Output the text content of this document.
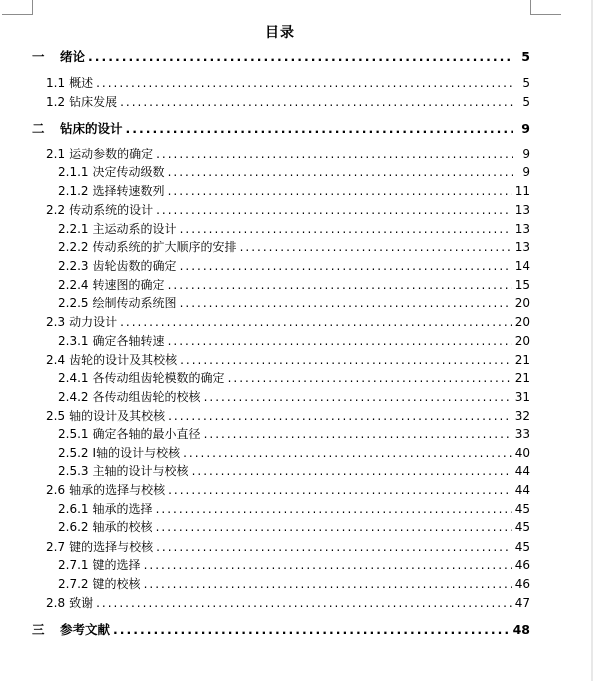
目录
一	绪论 .....	5
1.1 概述 .....	5
1.2 钻床发展 .....	5
二	钻床的设计 .....	9
2.1 运动参数的确定 .....	9
2.1.1 决定传动级数 .....	9
2.1.2 选择转速数列 .....	11
2.2 传动系统的设计 .....	13
2.2.1 主运动系的设计 .....	13
2.2.2 传动系统的扩大顺序的安排 .....	13
2.2.3 齿轮齿数的确定 .....	14
2.2.4 转速图的确定 .....	15
2.2.5 绘制传动系统图 .....	20
2.3 动力设计 .....	20
2.3.1 确定各轴转速 .....	20
2.4 齿轮的设计及其校核 .....	21
2.4.1 各传动组齿轮模数的确定 .....	21
2.4.2 各传动组齿轮的校核 .....	31
2.5 轴的设计及其校核 .....	32
2.5.1 确定各轴的最小直径 .....	33
2.5.2 Ⅰ轴的设计与校核 .....	40
2.5.3 主轴的设计与校核 .....	44
2.6 轴承的选择与校核 .....	44
2.6.1 轴承的选择 .....	45
2.6.2 轴承的校核 .....	45
2.7 键的选择与校核 .....	45
2.7.1 键的选择 .....	46
2.7.2 键的校核 .....	46
2.8 致谢 .....	47
三	参考文献 .....	48
